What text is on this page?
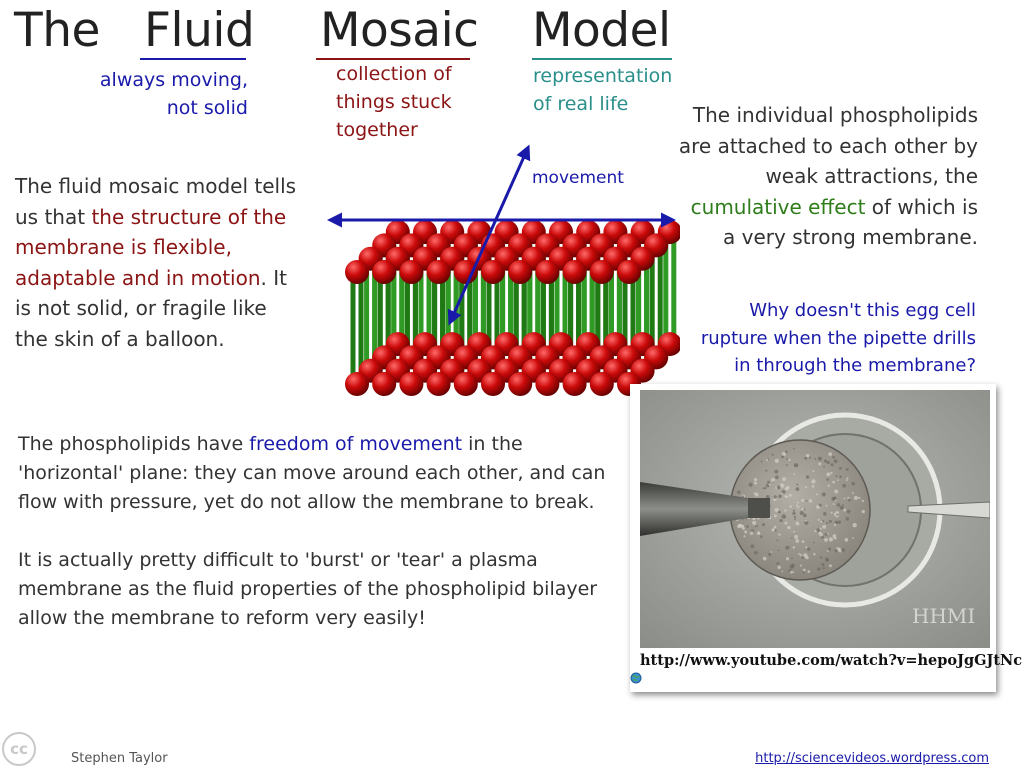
The Fluid Mosaic Model
always moving,
not solid
collection of
things stuck
together
representation
of real life
The fluid mosaic model tells us that the structure of the membrane is flexible, adaptable and in motion. It is not solid, or fragile like the skin of a balloon.
movement
The individual phospholipids are attached to each other by weak attractions, the cumulative effect of which is a very strong membrane.
Why doesn't this egg cell rupture when the pipette drills in through the membrane?
The phospholipids have freedom of movement in the 'horizontal' plane: they can move around each other, and can flow with pressure, yet do not allow the membrane to break.
It is actually pretty difficult to 'burst' or 'tear' a plasma membrane as the fluid properties of the phospholipid bilayer allow the membrane to reform very easily!	HHMI
http://www.youtube.com/watch?v=hepoJgGJtNc
cc
Stephen Taylor	http://sciencevideos.wordpress.com
